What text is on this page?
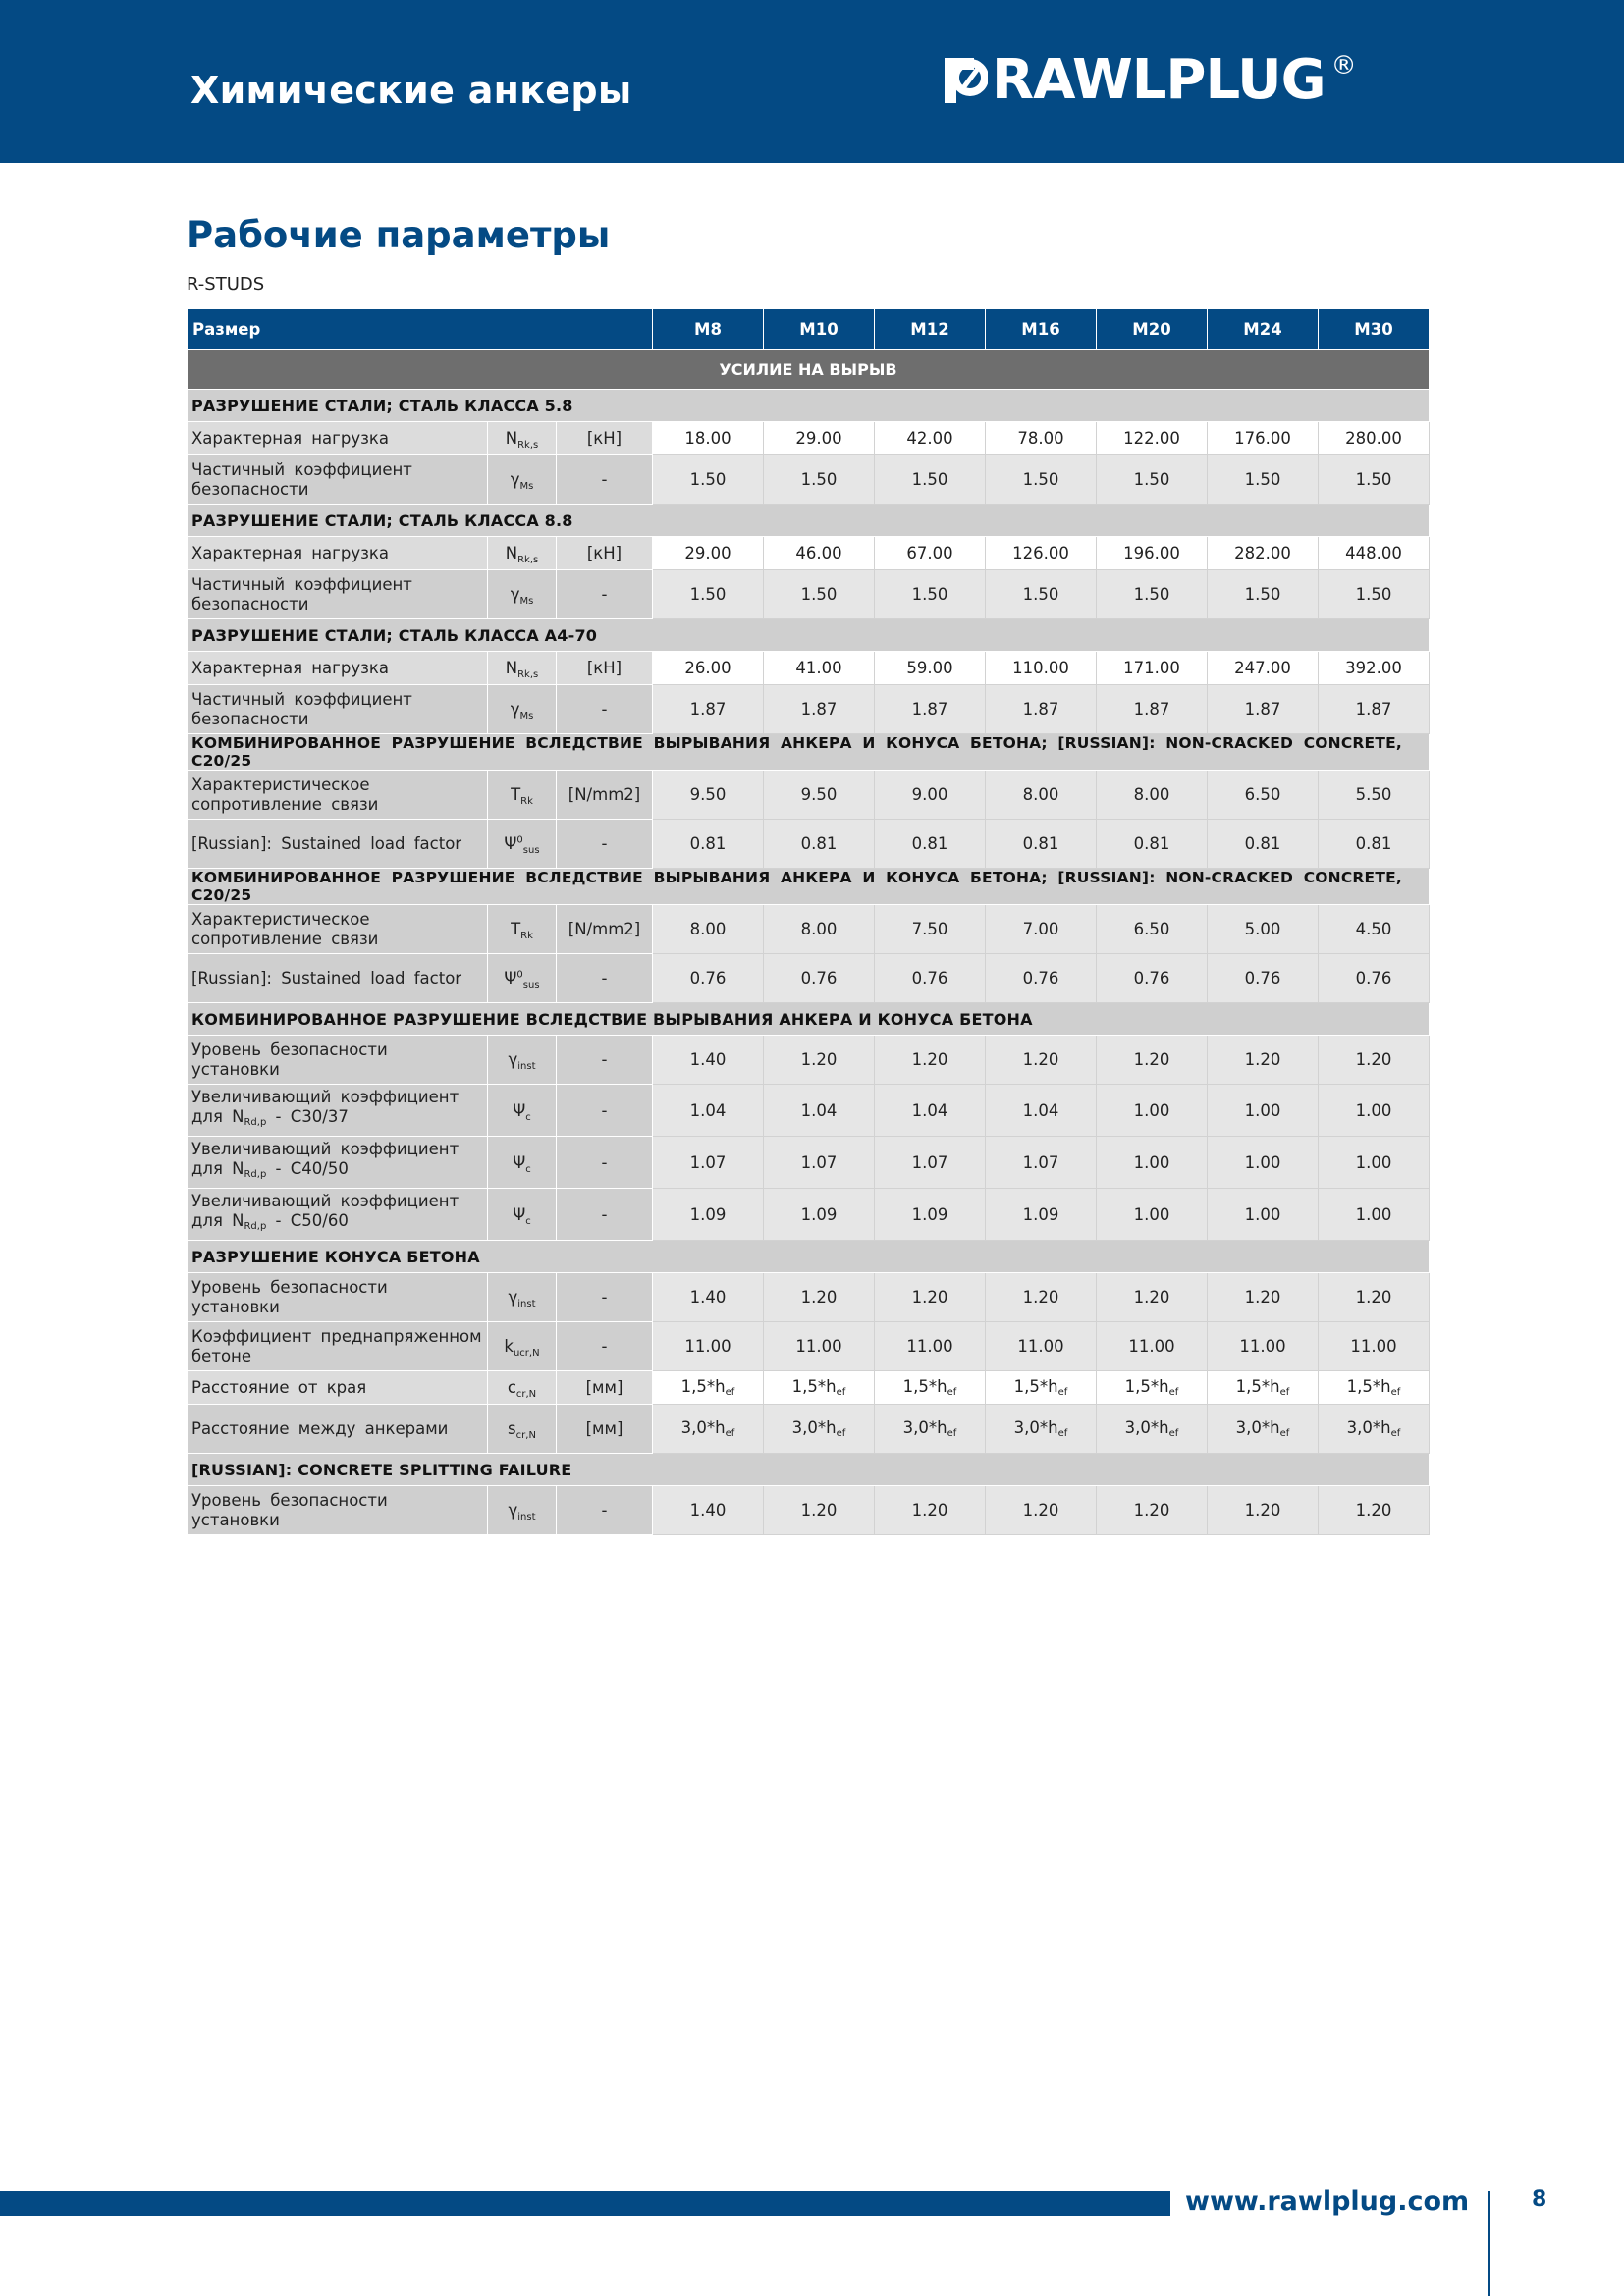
Химические анкеры	RAWLPLUG ®
Рабочие параметры
R-STUDS
Размер			M8	M10	M12	M16	M20	M24	M30
УСИЛИЕ НА ВЫРЫВ									
РАЗРУШЕНИЕ СТАЛИ; СТАЛЬ КЛАССА 5.8									
Характерная нагрузка	$N_{Rk,s}$	[кН]	18.00	29.00	42.00	78.00	122.00	176.00	280.00
Частичный коэффициент безопасности	$\gamma_{Ms}$	-	1.50	1.50	1.50	1.50	1.50	1.50	1.50
РАЗРУШЕНИЕ СТАЛИ; СТАЛЬ КЛАССА 8.8									
Характерная нагрузка	$N_{Rk,s}$	[кН]	29.00	46.00	67.00	126.00	196.00	282.00	448.00
Частичный коэффициент безопасности	$\gamma_{Ms}$	-	1.50	1.50	1.50	1.50	1.50	1.50	1.50
РАЗРУШЕНИЕ СТАЛИ; СТАЛЬ КЛАССА A4-70									
Характерная нагрузка	$N_{Rk,s}$	[кН]	26.00	41.00	59.00	110.00	171.00	247.00	392.00
Частичный коэффициент безопасности	$\gamma_{Ms}$	-	1.87	1.87	1.87	1.87	1.87	1.87	1.87
КОМБИНИРОВАННОЕ РАЗРУШЕНИЕ ВСЛЕДСТВИЕ ВЫРЫВАНИЯ АНКЕРА И КОНУСА БЕТОНА; [RUSSIAN]: NON-CRACKED CONCRETE, C20/25									
Характеристическое сопротивление связи	$T_{Rk}$	[N/mm2]	9.50	9.50	9.00	8.00	8.00	6.50	5.50
[Russian]: Sustained load factor	$\Psi^0_{sus}$	-	0.81	0.81	0.81	0.81	0.81	0.81	0.81
КОМБИНИРОВАННОЕ РАЗРУШЕНИЕ ВСЛЕДСТВИЕ ВЫРЫВАНИЯ АНКЕРА И КОНУСА БЕТОНА; [RUSSIAN]: NON-CRACKED CONCRETE, C20/25									
Характеристическое сопротивление связи	$T_{Rk}$	[N/mm2]	8.00	8.00	7.50	7.00	6.50	5.00	4.50
[Russian]: Sustained load factor	$\Psi^0_{sus}$	-	0.76	0.76	0.76	0.76	0.76	0.76	0.76
КОМБИНИРОВАННОЕ РАЗРУШЕНИЕ ВСЛЕДСТВИЕ ВЫРЫВАНИЯ АНКЕРА И КОНУСА БЕТОНА									
Уровень безопасности установки	$\gamma_{inst}$	-	1.40	1.20	1.20	1.20	1.20	1.20	1.20
Увеличивающий коэффициент для $N_{Rd,p} - C30/37$	$\Psi_c$	-	1.04	1.04	1.04	1.04	1.00	1.00	1.00
Увеличивающий коэффициент для $N_{Rd,p} - C40/50$	$\Psi_c$	-	1.07	1.07	1.07	1.07	1.00	1.00	1.00
Увеличивающий коэффициент для $N_{Rd,p} - C50/60$	$\Psi_c$	-	1.09	1.09	1.09	1.09	1.00	1.00	1.00
РАЗРУШЕНИЕ КОНУСА БЕТОНА									
Уровень безопасности установки	$\gamma_{inst}$	-	1.40	1.20	1.20	1.20	1.20	1.20	1.20
Коэффициент преднапряженном бетоне	$k_{ucr,N}$	-	11.00	11.00	11.00	11.00	11.00	11.00	11.00
Расстояние от края	$c_{cr,N}$	[мм]	$1,5*h_{ef}$	$1,5*h_{ef}$	$1,5*h_{ef}$	$1,5*h_{ef}$	$1,5*h_{ef}$	$1,5*h_{ef}$	$1,5*h_{ef}$
Расстояние между анкерами	$s_{cr,N}$	[мм]	$3,0*h_{ef}$	$3,0*h_{ef}$	$3,0*h_{ef}$	$3,0*h_{ef}$	$3,0*h_{ef}$	$3,0*h_{ef}$	$3,0*h_{ef}$
[RUSSIAN]: CONCRETE SPLITTING FAILURE									
Уровень безопасности установки	$\gamma_{inst}$	-	1.40	1.20	1.20	1.20	1.20	1.20	1.20
www.rawlplug.com	8
